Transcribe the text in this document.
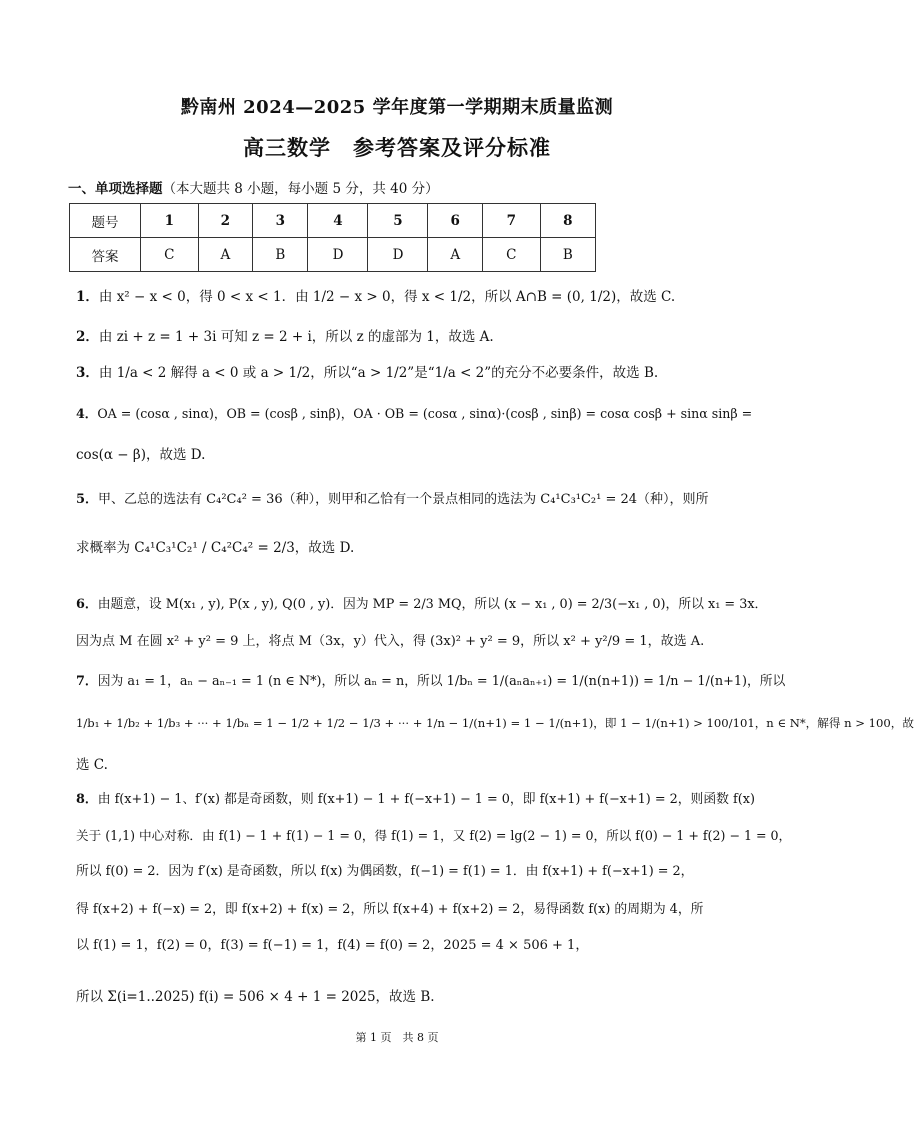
黔南州 2024—2025 学年度第一学期期末质量监测
高三数学　参考答案及评分标准
一、单项选择题（本大题共 8 小题，每小题 5 分，共 40 分）
题号	1	2	3	4	5	6	7	8
答案	C	A	B	D	D	A	C	B
1．由 x² − x < 0，得 0 < x < 1．由 1/2 − x > 0，得 x < 1/2，所以 A∩B = (0, 1/2)，故选 C.
2．由 zi + z = 1 + 3i 可知 z = 2 + i，所以 z 的虚部为 1，故选 A.
3．由 1/a < 2 解得 a < 0 或 a > 1/2，所以“a > 1/2”是“1/a < 2”的充分不必要条件，故选 B.
4．OA = (cosα , sinα)，OB = (cosβ , sinβ)，OA · OB = (cosα , sinα)·(cosβ , sinβ) = cosα cosβ + sinα sinβ =
cos(α − β)，故选 D.
5．甲、乙总的选法有 C₄²C₄² = 36（种），则甲和乙恰有一个景点相同的选法为 C₄¹C₃¹C₂¹ = 24（种），则所
求概率为 C₄¹C₃¹C₂¹ / C₄²C₄² = 2/3，故选 D.
6．由题意，设 M(x₁ , y), P(x , y), Q(0 , y)．因为 MP = 2/3 MQ，所以 (x − x₁ , 0) = 2/3(−x₁ , 0)，所以 x₁ = 3x．
因为点 M 在圆 x² + y² = 9 上，将点 M（3x，y）代入，得 (3x)² + y² = 9，所以 x² + y²/9 = 1，故选 A.
7．因为 a₁ = 1，aₙ − aₙ₋₁ = 1 (n ∈ N*)，所以 aₙ = n，所以 1/bₙ = 1/(aₙaₙ₊₁) = 1/(n(n+1)) = 1/n − 1/(n+1)，所以
1/b₁ + 1/b₂ + 1/b₃ + ··· + 1/bₙ = 1 − 1/2 + 1/2 − 1/3 + ··· + 1/n − 1/(n+1) = 1 − 1/(n+1)，即 1 − 1/(n+1) > 100/101，n ∈ N*，解得 n > 100，故
选 C.
8．由 f(x+1) − 1、f′(x) 都是奇函数，则 f(x+1) − 1 + f(−x+1) − 1 = 0，即 f(x+1) + f(−x+1) = 2，则函数 f(x)
关于 (1,1) 中心对称．由 f(1) − 1 + f(1) − 1 = 0，得 f(1) = 1，又 f(2) = lg(2 − 1) = 0，所以 f(0) − 1 + f(2) − 1 = 0，
所以 f(0) = 2．因为 f′(x) 是奇函数，所以 f(x) 为偶函数，f(−1) = f(1) = 1．由 f(x+1) + f(−x+1) = 2，
得 f(x+2) + f(−x) = 2，即 f(x+2) + f(x) = 2，所以 f(x+4) + f(x+2) = 2，易得函数 f(x) 的周期为 4，所
以 f(1) = 1，f(2) = 0，f(3) = f(−1) = 1，f(4) = f(0) = 2，2025 = 4 × 506 + 1，
所以 Σ(i=1..2025) f(i) = 506 × 4 + 1 = 2025，故选 B.
第 1 页　共 8 页
